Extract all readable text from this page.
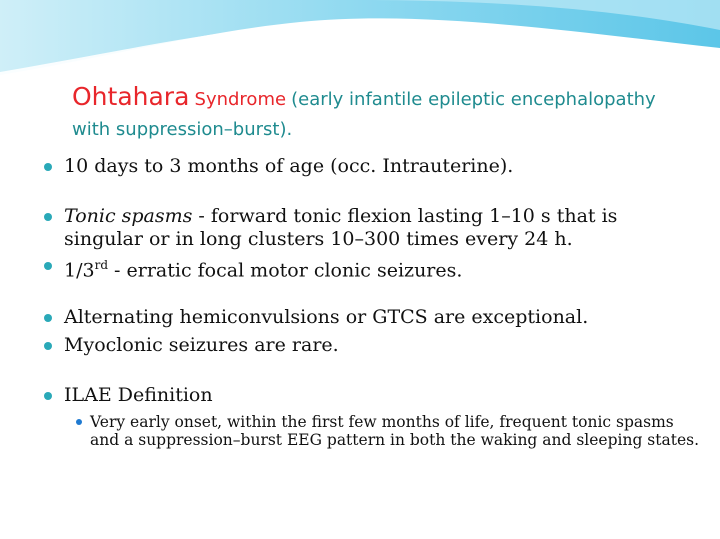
Ohtahara Syndrome (early infantile epileptic encephalopathy
with suppression–burst).
10 days to 3 months of age (occ. Intrauterine).
Tonic spasms - forward tonic flexion lasting 1–10 s that is singular or in long clusters 10–300 times every 24 h.
1/3rd - erratic focal motor clonic seizures.
Alternating hemiconvulsions or GTCS are exceptional.
Myoclonic seizures are rare.
ILAE Definition
Very early onset, within the first few months of life, frequent tonic spasms and a suppression–burst EEG pattern in both the waking and sleeping states.
